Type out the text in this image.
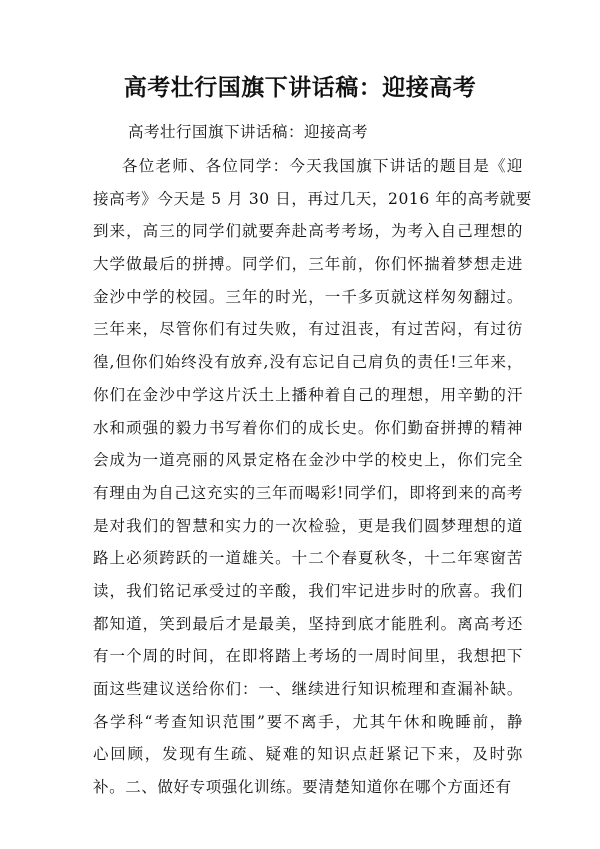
高考壮行国旗下讲话稿：迎接高考

高考壮行国旗下讲话稿：迎接高考

各位老师、各位同学：今天我国旗下讲话的题目是《迎
接高考》今天是 5 月 30 日，再过几天，2016 年的高考就要
到来，高三的同学们就要奔赴高考考场，为考入自己理想的
大学做最后的拼搏。同学们，三年前，你们怀揣着梦想走进
金沙中学的校园。三年的时光，一千多页就这样匆匆翻过。
三年来，尽管你们有过失败，有过沮丧，有过苦闷，有过彷
徨,但你们始终没有放弃,没有忘记自己肩负的责任!三年来，
你们在金沙中学这片沃土上播种着自己的理想，用辛勤的汗
水和顽强的毅力书写着你们的成长史。你们勤奋拼搏的精神
会成为一道亮丽的风景定格在金沙中学的校史上，你们完全
有理由为自己这充实的三年而喝彩!同学们，即将到来的高考
是对我们的智慧和实力的一次检验，更是我们圆梦理想的道
路上必须跨跃的一道雄关。十二个春夏秋冬，十二年寒窗苦
读，我们铭记承受过的辛酸，我们牢记进步时的欣喜。我们
都知道，笑到最后才是最美，坚持到底才能胜利。离高考还
有一个周的时间，在即将踏上考场的一周时间里，我想把下
面这些建议送给你们：一、继续进行知识梳理和查漏补缺。
各学科“考查知识范围”要不离手，尤其午休和晚睡前，静
心回顾，发现有生疏、疑难的知识点赶紧记下来，及时弥
补。二、做好专项强化训练。要清楚知道你在哪个方面还有
